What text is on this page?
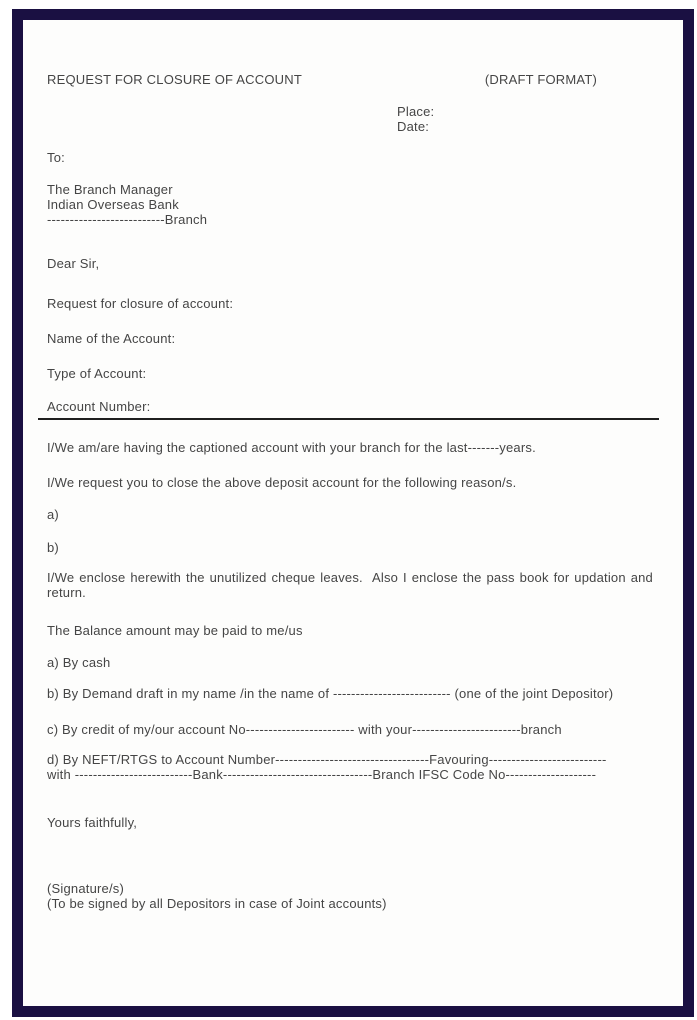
REQUEST FOR CLOSURE OF ACCOUNT	(DRAFT FORMAT)

Place:

Date:

To:

The Branch Manager

Indian Overseas Bank

--------------------------Branch

Dear Sir,

Request for closure of account:

Name of the Account:

Type of Account:

Account Number:

I/We am/are having the captioned account with your branch for the last-------years.

I/We request you to close the above deposit account for the following reason/s.

a)

b)

I/We enclose herewith the unutilized cheque leaves.  Also I enclose the pass book for updation and return.

The Balance amount may be paid to me/us

a) By cash

b) By Demand draft in my name /in the name of -------------------------- (one of the joint Depositor)

c) By credit of my/our account No------------------------ with your------------------------branch

d) By NEFT/RTGS to Account Number----------------------------------Favouring--------------------------

with --------------------------Bank---------------------------------Branch IFSC Code No--------------------

Yours faithfully,

(Signature/s)

(To be signed by all Depositors in case of Joint accounts)
